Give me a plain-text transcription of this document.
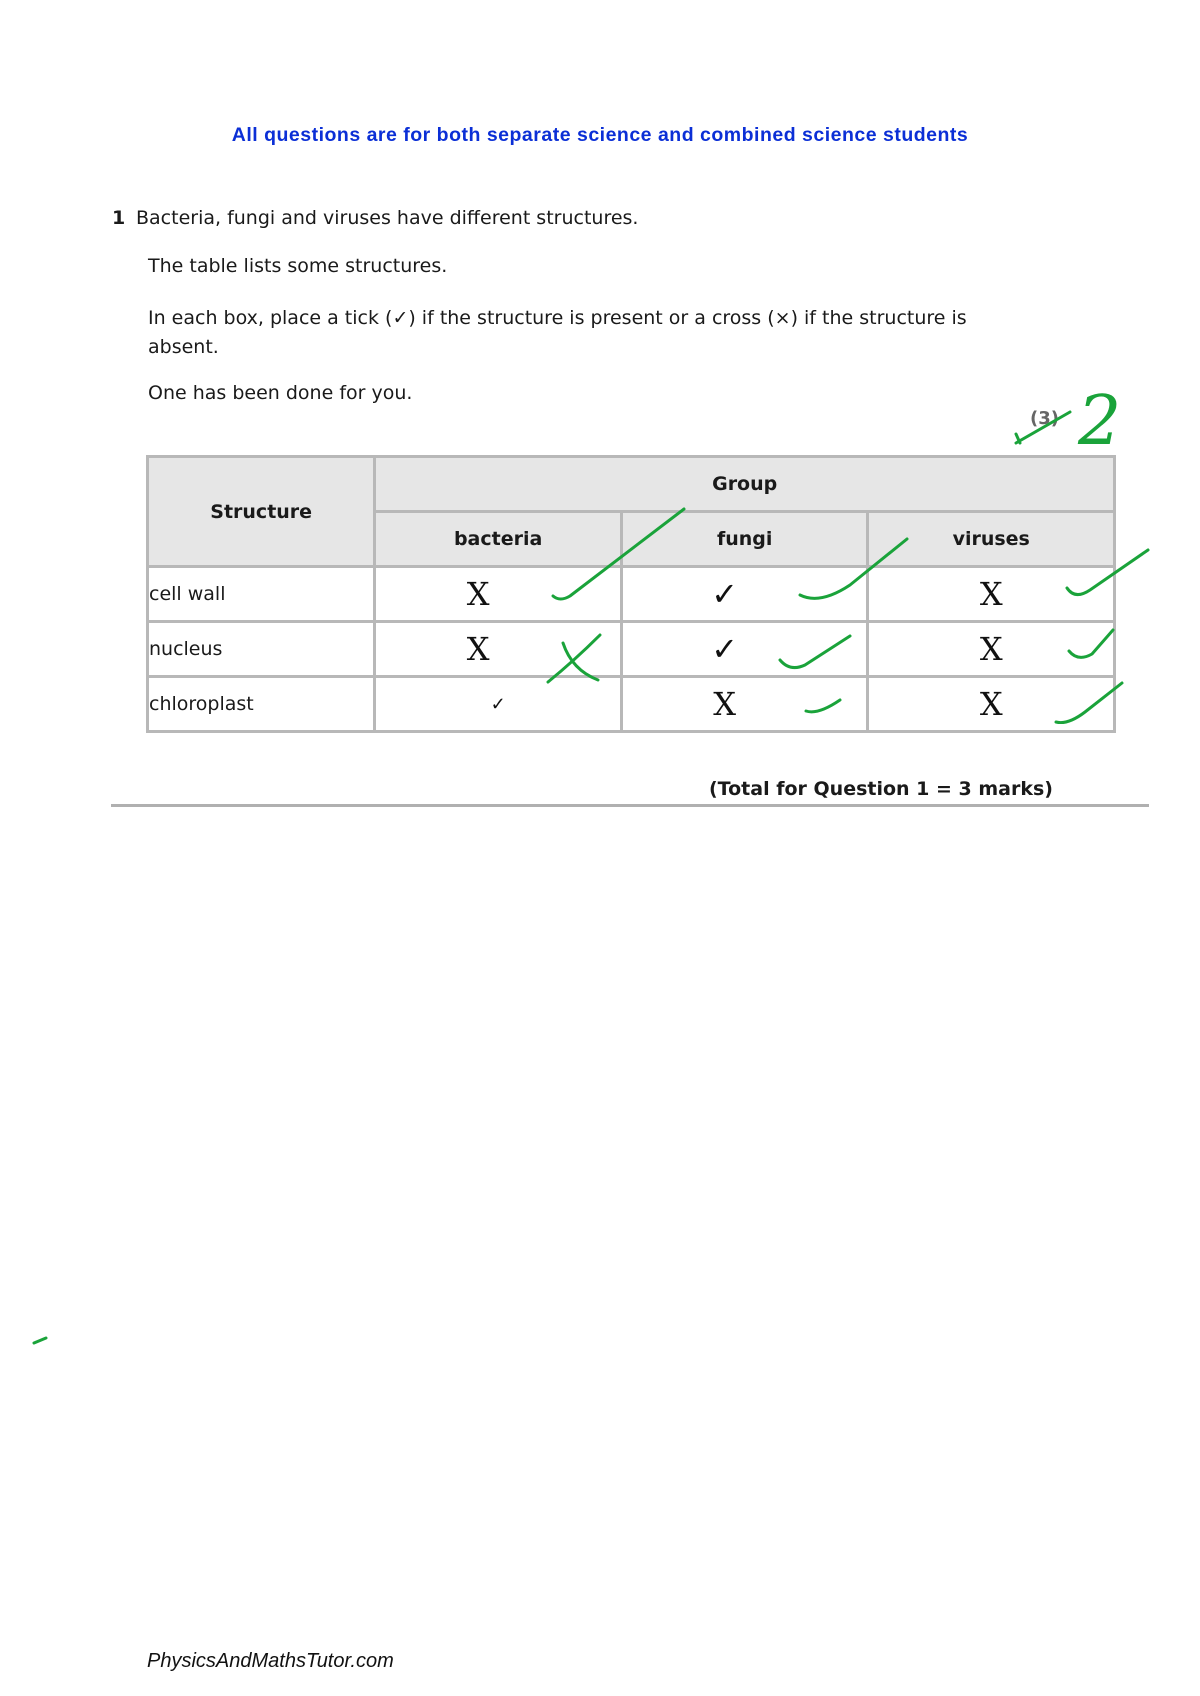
All questions are for both separate science and combined science students
1 Bacteria, fungi and viruses have different structures.
The table lists some structures.
In each box, place a tick (✓) if the structure is present or a cross (×) if the structure is absent.
One has been done for you.
(3)
Structure	Group		
	bacteria	fungi	viruses
cell wall	X	✓	X
nucleus	X	✓	X
chloroplast	✓	X	X
(Total for Question 1 = 3 marks)
2
PhysicsAndMathsTutor.com
